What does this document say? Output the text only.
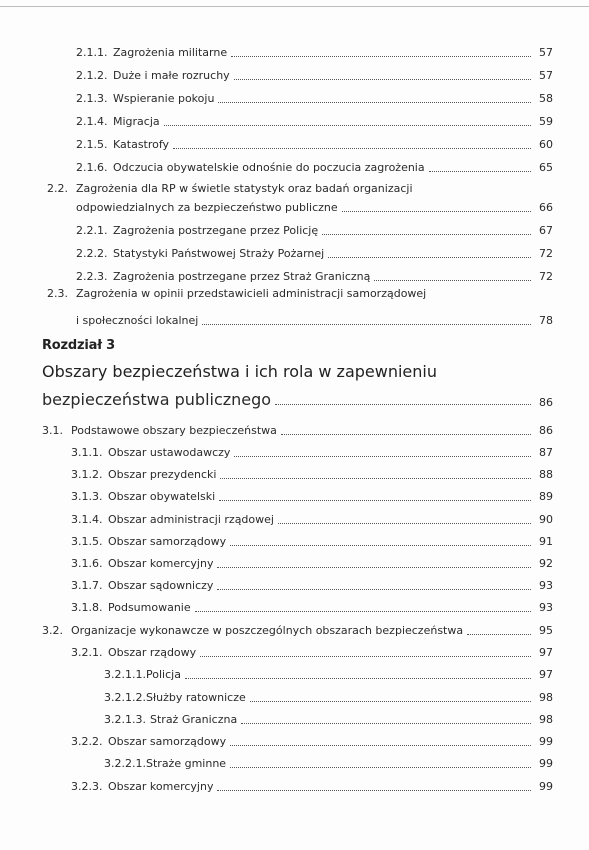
2.1.1. Zagrożenia militarne	57
2.1.2. Duże i małe rozruchy	57
2.1.3. Wspieranie pokoju	58
2.1.4. Migracja	59
2.1.5. Katastrofy	60
2.1.6. Odczucia obywatelskie odnośnie do poczucia zagrożenia	65
2.2. Zagrożenia dla RP w świetle statystyk oraz badań organizacji
odpowiedzialnych za bezpieczeństwo publiczne	66
2.2.1. Zagrożenia postrzegane przez Policję	67
2.2.2. Statystyki Państwowej Straży Pożarnej	72
2.2.3. Zagrożenia postrzegane przez Straż Graniczną	72
2.3. Zagrożenia w opinii przedstawicieli administracji samorządowej
i społeczności lokalnej	78
Rozdział 3
Obszary bezpieczeństwa i ich rola w zapewnieniu
bezpieczeństwa publicznego	86
3.1. Podstawowe obszary bezpieczeństwa	86
3.1.1. Obszar ustawodawczy	87
3.1.2. Obszar prezydencki	88
3.1.3. Obszar obywatelski	89
3.1.4. Obszar administracji rządowej	90
3.1.5. Obszar samorządowy	91
3.1.6. Obszar komercyjny	92
3.1.7. Obszar sądowniczy	93
3.1.8. Podsumowanie	93
3.2. Organizacje wykonawcze w poszczególnych obszarach bezpieczeństwa	95
3.2.1. Obszar rządowy	97
3.2.1.1. Policja	97
3.2.1.2. Służby ratownicze	98
3.2.1.3. Straż Graniczna	98
3.2.2. Obszar samorządowy	99
3.2.2.1. Straże gminne	99
3.2.3. Obszar komercyjny	99
